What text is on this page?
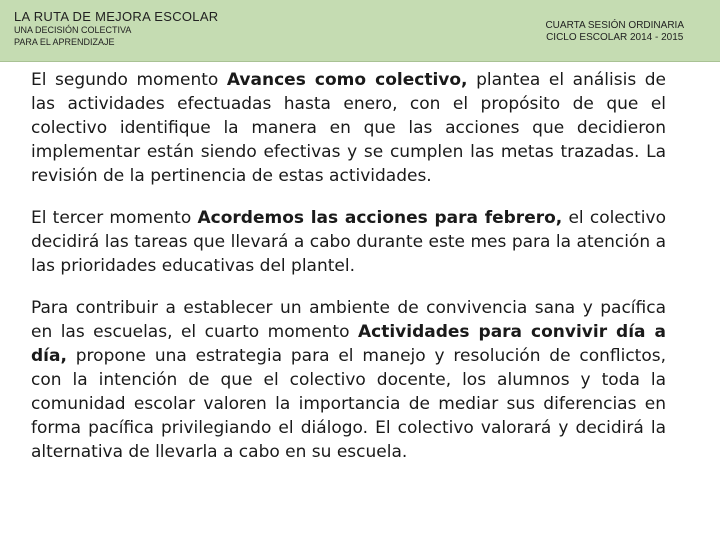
LA RUTA DE MEJORA ESCOLAR
UNA DECISIÓN COLECTIVA
PARA EL APRENDIZAJE
CUARTA SESIÓN ORDINARIA
CICLO ESCOLAR 2014 - 2015

El segundo momento Avances como colectivo, plantea el análisis de las actividades efectuadas hasta enero, con el propósito de que el colectivo identifique la manera en que las acciones que decidieron implementar están siendo efectivas y se cumplen las metas trazadas. La revisión de la pertinencia de estas actividades.

El tercer momento Acordemos las acciones para febrero, el colectivo decidirá las tareas que llevará a cabo durante este mes para la atención a las prioridades educativas del plantel.

Para contribuir a establecer un ambiente de convivencia sana y pacífica en las escuelas, el cuarto momento Actividades para convivir día a día, propone una estrategia para el manejo y resolución de conflictos, con la intención de que el colectivo docente, los alumnos y toda la comunidad escolar valoren la importancia de mediar sus diferencias en forma pacífica privilegiando el diálogo. El colectivo valorará y decidirá la alternativa de llevarla a cabo en su escuela.
